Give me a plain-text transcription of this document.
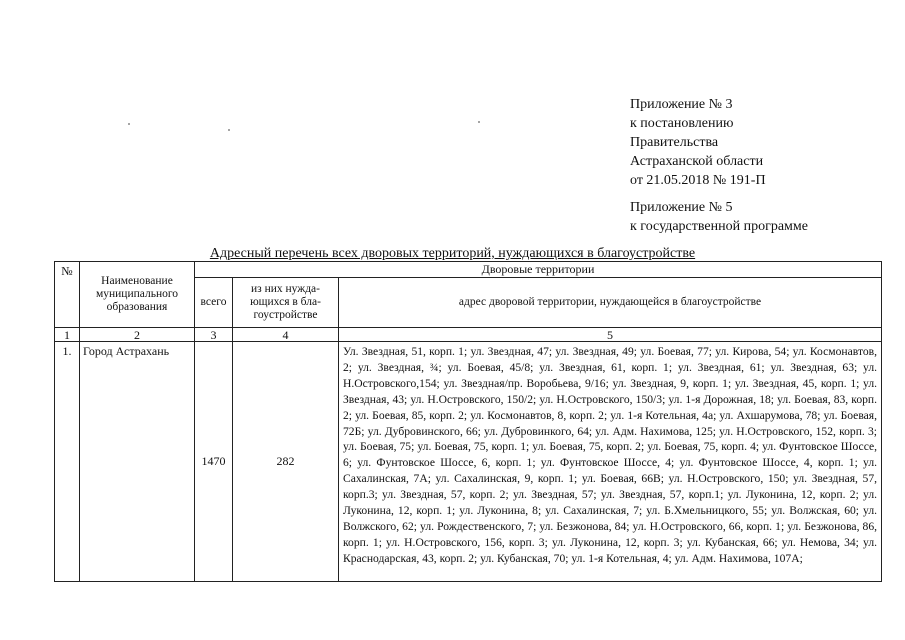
Приложение № 3
к постановлению
Правительства
Астраханской области
от 21.05.2018 № 191-П
Приложение № 5
к государственной программе
Адресный перечень всех дворовых территорий, нуждающихся в благоустройстве
№	Наименование муниципального образования	Дворовые территории		
		всего	из них нужда-ющихся в бла-гоустройстве	адрес дворовой территории, нуждающейся в благоустройстве
1	2	3	4	5
1.	Город Астрахань	1470	282	Ул. Звездная, 51, корп. 1; ул. Звездная, 47; ул. Звездная, 49; ул. Боевая, 77; ул. Кирова, 54; ул. Космонавтов, 2; ул. Звездная, ¾; ул. Боевая, 45/8; ул. Звездная, 61, корп. 1; ул. Звездная, 61; ул. Звездная, 63; ул. Н.Островского,154; ул. Звездная/пр. Воробьева, 9/16; ул. Звездная, 9, корп. 1; ул. Звездная, 45, корп. 1; ул. Звездная, 43; ул. Н.Островского, 150/2; ул. Н.Островского, 150/3; ул. 1-я Дорожная, 18; ул. Боевая, 83, корп. 2; ул. Боевая, 85, корп. 2; ул. Космонавтов, 8, корп. 2; ул. 1-я Котельная, 4а; ул. Ахшарумова, 78; ул. Боевая, 72Б; ул. Дубровинского, 66; ул. Дубровинкого, 64; ул. Адм. Нахимова, 125; ул. Н.Островского, 152, корп. 3; ул. Боевая, 75; ул. Боевая, 75, корп. 1; ул. Боевая, 75, корп. 2; ул. Боевая, 75, корп. 4; ул. Фунтовское Шоссе, 6; ул. Фунтовское Шоссе, 6, корп. 1; ул. Фунтовское Шоссе, 4; ул. Фунтовское Шоссе, 4, корп. 1; ул. Сахалинская, 7А; ул. Сахалинская, 9, корп. 1; ул. Боевая, 66В; ул. Н.Островского, 150; ул. Звездная, 57, корп.3; ул. Звездная, 57, корп. 2; ул. Звездная, 57; ул. Звездная, 57, корп.1; ул. Луконина, 12, корп. 2; ул. Луконина, 12, корп. 1; ул. Луконина, 8; ул. Сахалинская, 7; ул. Б.Хмельницкого, 55; ул. Волжская, 60; ул. Волжского, 62; ул. Рождественского, 7; ул. Безжонова, 84; ул. Н.Островского, 66, корп. 1; ул. Безжонова, 86, корп. 1; ул. Н.Островского, 156, корп. 3; ул. Луконина, 12, корп. 3; ул. Кубанская, 66; ул. Немова, 34; ул. Краснодарская, 43, корп. 2; ул. Кубанская, 70; ул. 1-я Котельная, 4; ул. Адм. Нахимова, 107А;
